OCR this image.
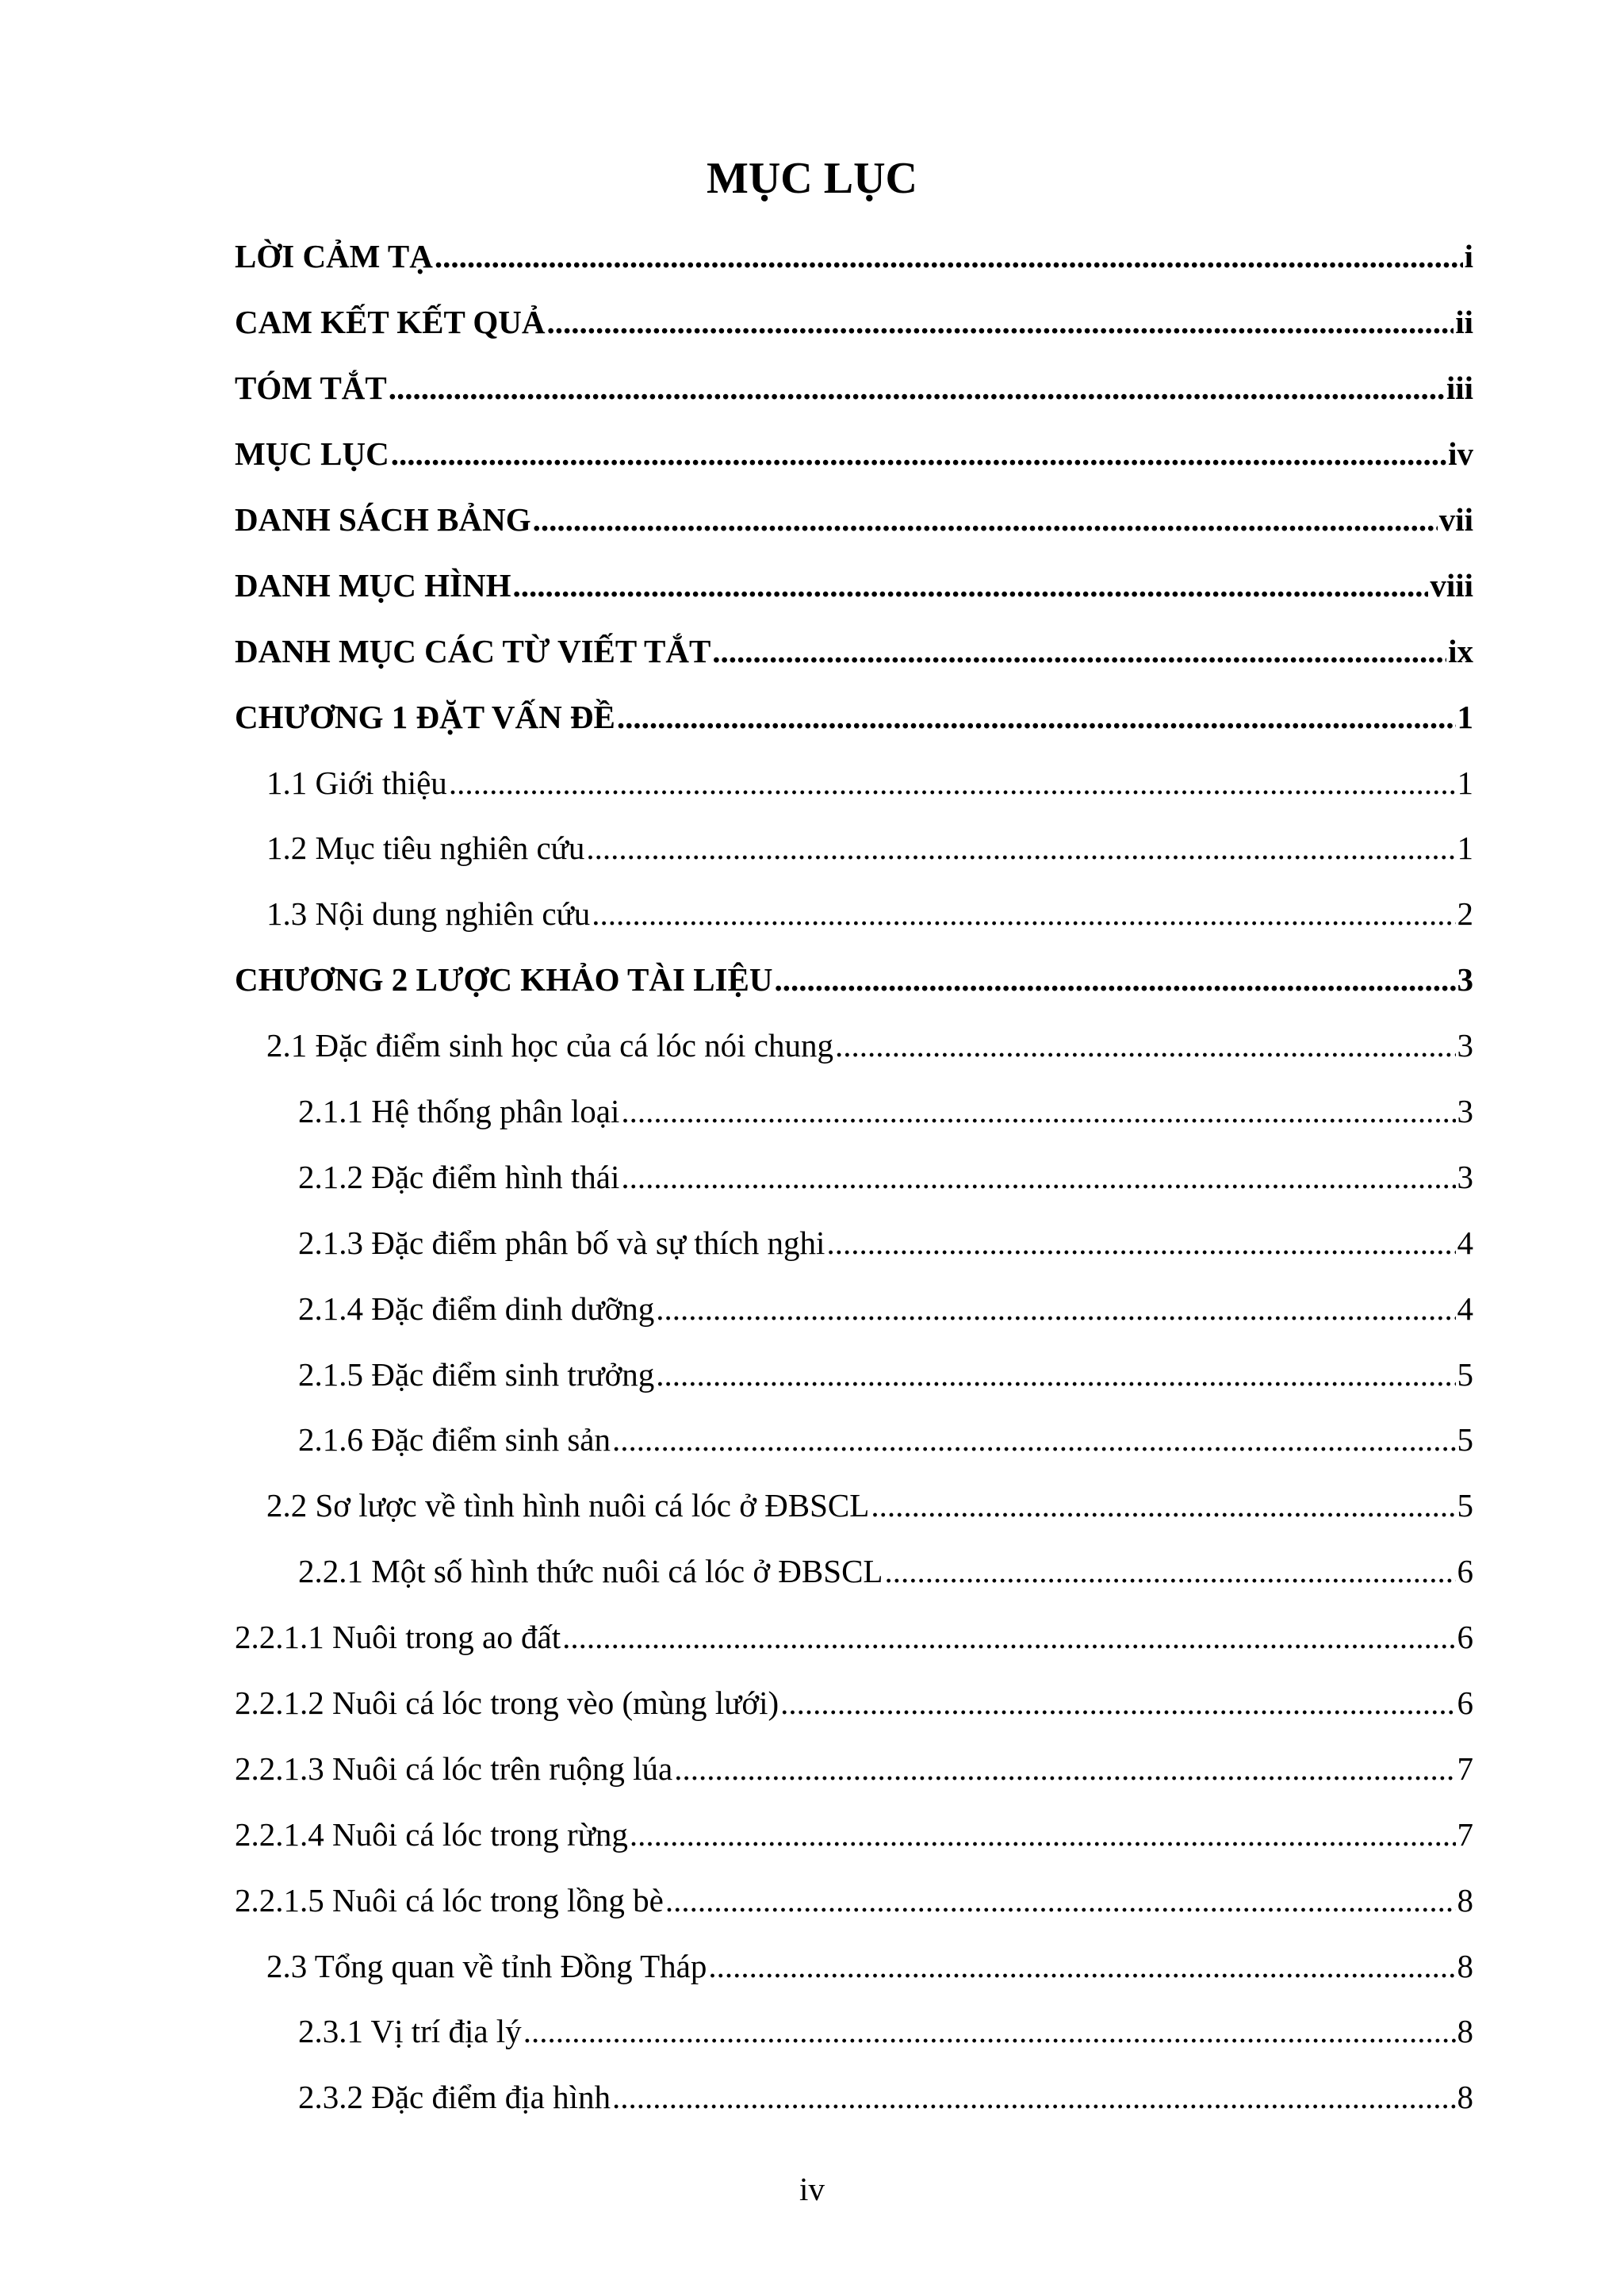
MỤC LỤC
LỜI CẢM TẠ .....	i
CAM KẾT KẾT QUẢ .....	ii
TÓM TẮT .....	iii
MỤC LỤC .....	iv
DANH SÁCH BẢNG .....	vii
DANH MỤC HÌNH .....	viii
DANH MỤC CÁC TỪ VIẾT TẮT .....	ix
CHƯƠNG 1 ĐẶT VẤN ĐỀ .....	1
1.1 Giới thiệu .....	1
1.2 Mục tiêu nghiên cứu .....	1
1.3 Nội dung nghiên cứu .....	2
CHƯƠNG 2 LƯỢC KHẢO TÀI LIỆU .....	3
2.1 Đặc điểm sinh học của cá lóc nói chung .....	3
2.1.1 Hệ thống phân loại .....	3
2.1.2 Đặc điểm hình thái .....	3
2.1.3 Đặc điểm phân bố và sự thích nghi .....	4
2.1.4 Đặc điểm dinh dưỡng .....	4
2.1.5 Đặc điểm sinh trưởng .....	5
2.1.6 Đặc điểm sinh sản .....	5
2.2 Sơ lược về tình hình nuôi cá lóc ở ĐBSCL .....	5
2.2.1 Một số hình thức nuôi cá lóc ở ĐBSCL .....	6
2.2.1.1 Nuôi trong ao đất .....	6
2.2.1.2 Nuôi cá lóc trong vèo (mùng lưới) .....	6
2.2.1.3 Nuôi cá lóc trên ruộng lúa .....	7
2.2.1.4 Nuôi cá lóc trong rừng .....	7
2.2.1.5 Nuôi cá lóc trong lồng bè .....	8
2.3 Tổng quan về tỉnh Đồng Tháp .....	8
2.3.1 Vị trí địa lý .....	8
2.3.2 Đặc điểm địa hình .....	8
iv
